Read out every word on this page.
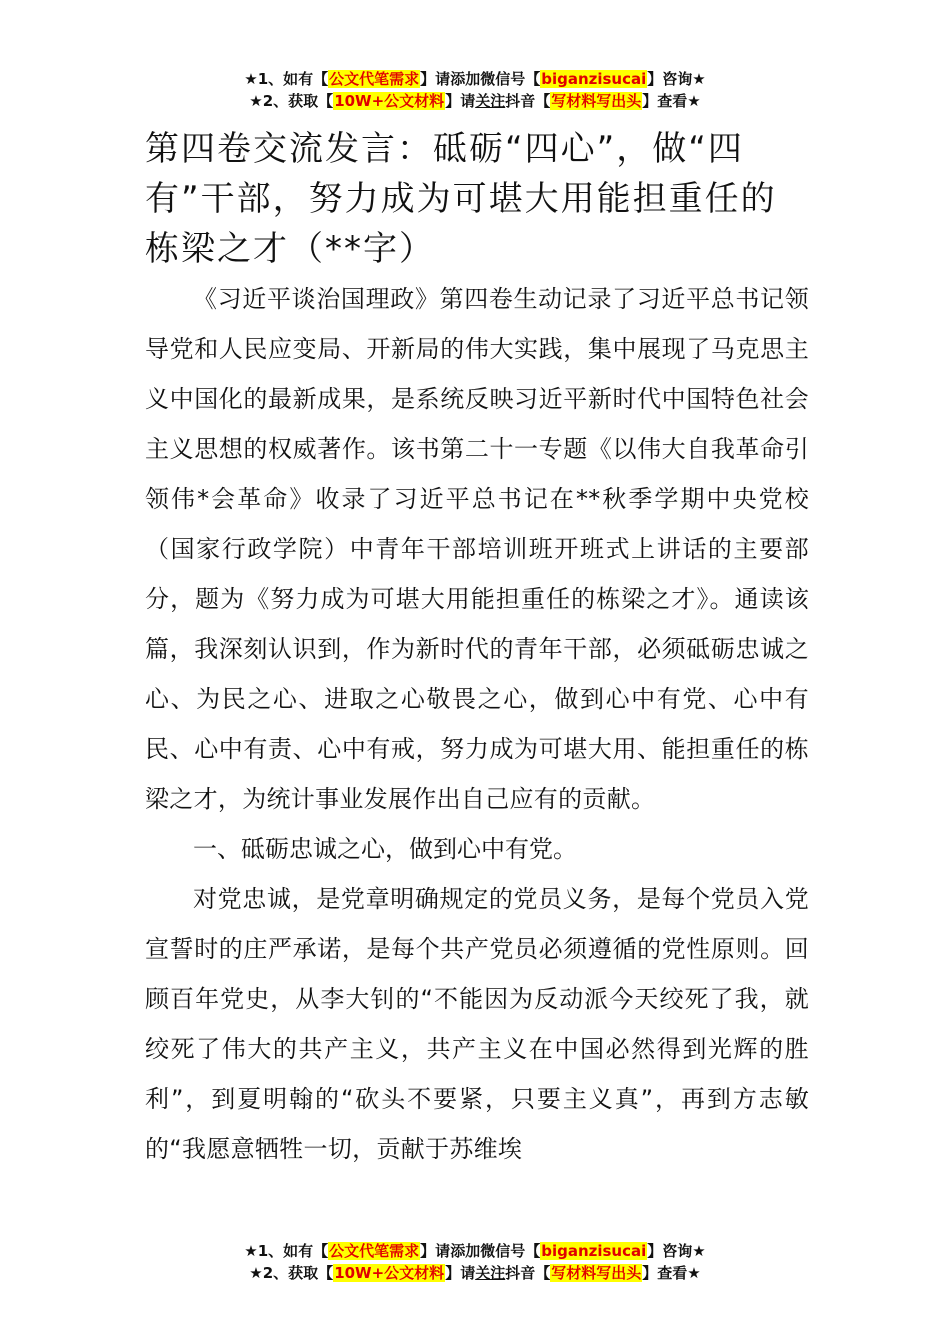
★1、如有【公文代笔需求】请添加微信号【biganzisucai】咨询★
★2、获取【10W+公文材料】请关注抖音【写材料写出头】查看★
第四卷交流发言：砥砺“四心”，做“四有”干部，努力成为可堪大用能担重任的栋梁之才（**字）

《习近平谈治国理政》第四卷生动记录了习近平总书记领导党和人民应变局、开新局的伟大实践，集中展现了马克思主义中国化的最新成果，是系统反映习近平新时代中国特色社会主义思想的权威著作。该书第二十一专题《以伟大自我革命引领伟*会革命》收录了习近平总书记在**秋季学期中央党校（国家行政学院）中青年干部培训班开班式上讲话的主要部分，题为《努力成为可堪大用能担重任的栋梁之才》。通读该篇，我深刻认识到，作为新时代的青年干部，必须砥砺忠诚之心、为民之心、进取之心敬畏之心，做到心中有党、心中有民、心中有责、心中有戒，努力成为可堪大用、能担重任的栋梁之才，为统计事业发展作出自己应有的贡献。

一、砥砺忠诚之心，做到心中有党。

对党忠诚，是党章明确规定的党员义务，是每个党员入党宣誓时的庄严承诺，是每个共产党员必须遵循的党性原则。回顾百年党史，从李大钊的“不能因为反动派今天绞死了我，就绞死了伟大的共产主义，共产主义在中国必然得到光辉的胜利”，到夏明翰的“砍头不要紧，只要主义真”，再到方志敏的“我愿意牺牲一切，贡献于苏维埃

★1、如有【公文代笔需求】请添加微信号【biganzisucai】咨询★
★2、获取【10W+公文材料】请关注抖音【写材料写出头】查看★
